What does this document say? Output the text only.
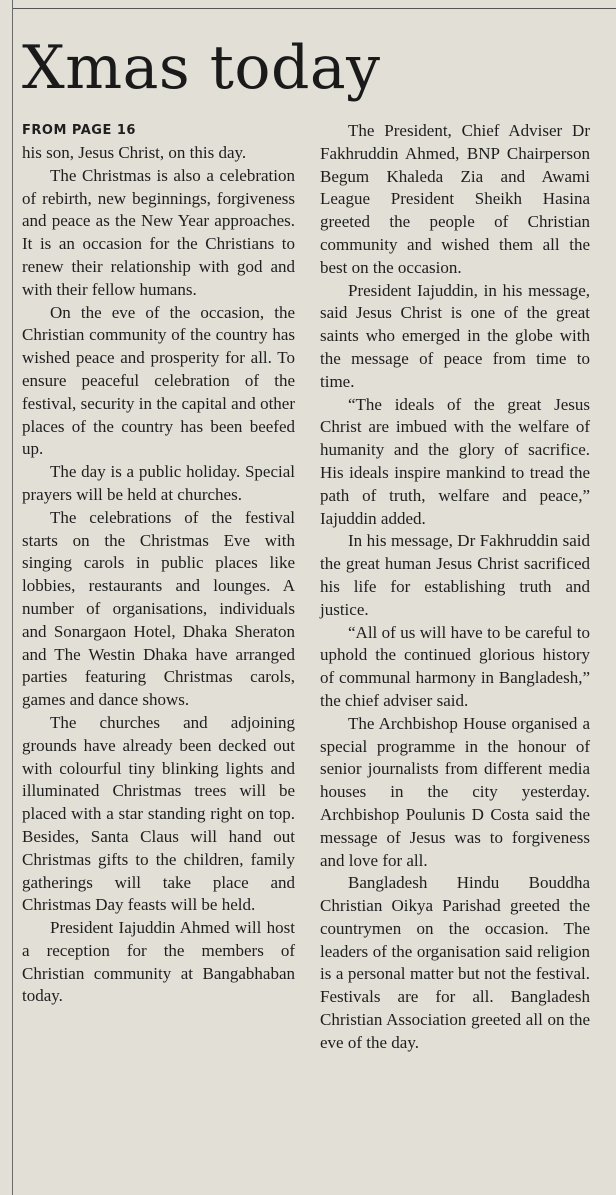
Xmas today
FROM PAGE 16

his son, Jesus Christ, on this day.

The Christmas is also a celebration of rebirth, new beginnings, forgiveness and peace as the New Year approaches. It is an occasion for the Christians to renew their relationship with god and with their fellow humans.

On the eve of the occasion, the Christian community of the country has wished peace and prosperity for all. To ensure peaceful celebration of the festival, security in the capital and other places of the country has been beefed up.

The day is a public holiday. Special prayers will be held at churches.

The celebrations of the festival starts on the Christmas Eve with singing carols in public places like lobbies, restaurants and lounges. A number of organisations, individuals and Sonargaon Hotel, Dhaka Sheraton and The Westin Dhaka have arranged parties featuring Christmas carols, games and dance shows.

The churches and adjoining grounds have already been decked out with colourful tiny blinking lights and illuminated Christmas trees will be placed with a star standing right on top. Besides, Santa Claus will hand out Christmas gifts to the children, family gatherings will take place and Christmas Day feasts will be held.

President Iajuddin Ahmed will host a reception for the members of Christian community at Bangabhaban today.

The President, Chief Adviser Dr Fakhruddin Ahmed, BNP Chairperson Begum Khaleda Zia and Awami League President Sheikh Hasina greeted the people of Christian community and wished them all the best on the occasion.

President Iajuddin, in his message, said Jesus Christ is one of the great saints who emerged in the globe with the message of peace from time to time.

“The ideals of the great Jesus Christ are imbued with the welfare of humanity and the glory of sacrifice. His ideals inspire mankind to tread the path of truth, welfare and peace,” Iajuddin added.

In his message, Dr Fakhruddin said the great human Jesus Christ sacrificed his life for establishing truth and justice.

“All of us will have to be careful to uphold the continued glorious history of communal harmony in Bangladesh,” the chief adviser said.

The Archbishop House organised a special programme in the honour of senior journalists from different media houses in the city yesterday. Archbishop Poulunis D Costa said the message of Jesus was to forgiveness and love for all.

Bangladesh Hindu Bouddha Christian Oikya Parishad greeted the countrymen on the occasion. The leaders of the organisation said religion is a personal matter but not the festival. Festivals are for all. Bangladesh Christian Association greeted all on the eve of the day.
